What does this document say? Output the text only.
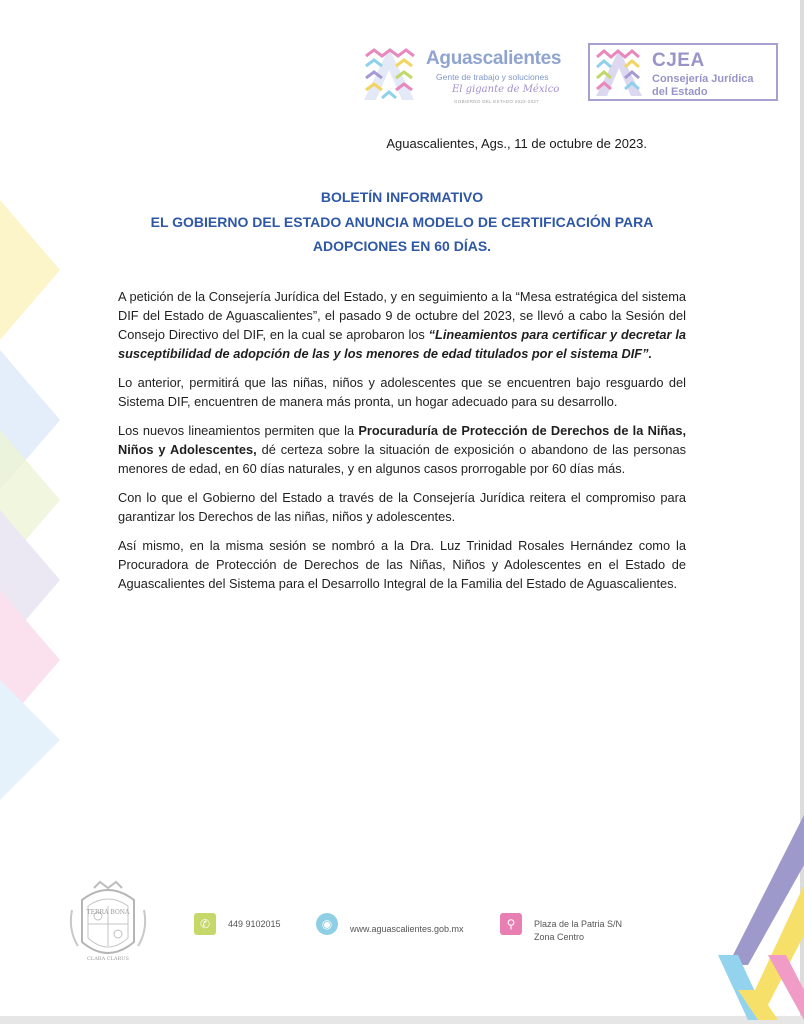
Aguascalientes
Gente de trabajo y soluciones
El gigante de México
GOBIERNO DEL ESTADO 2022-2027
CJEA
Consejería Jurídica
del Estado
Aguascalientes, Ags., 11 de octubre de 2023.
BOLETÍN INFORMATIVO
EL GOBIERNO DEL ESTADO ANUNCIA MODELO DE CERTIFICACIÓN PARA
ADOPCIONES EN 60 DÍAS.

A petición de la Consejería Jurídica del Estado, y en seguimiento a la “Mesa estratégica del sistema DIF del Estado de Aguascalientes”, el pasado 9 de octubre del 2023, se llevó a cabo la Sesión del Consejo Directivo del DIF, en la cual se aprobaron los “Lineamientos para certificar y decretar la susceptibilidad de adopción de las y los menores de edad titulados por el sistema DIF”.

Lo anterior, permitirá que las niñas, niños y adolescentes que se encuentren bajo resguardo del Sistema DIF, encuentren de manera más pronta, un hogar adecuado para su desarrollo.

Los nuevos lineamientos permiten que la Procuraduría de Protección de Derechos de la Niñas, Niños y Adolescentes, dé certeza sobre la situación de exposición o abandono de las personas menores de edad, en 60 días naturales, y en algunos casos prorrogable por 60 días más.

Con lo que el Gobierno del Estado a través de la Consejería Jurídica reitera el compromiso para garantizar los Derechos de las niñas, niños y adolescentes.

Así mismo, en la misma sesión se nombró a la Dra. Luz Trinidad Rosales Hernández como la Procuradora de Protección de Derechos de las Niñas, Niños y Adolescentes en el Estado de Aguascalientes del Sistema para el Desarrollo Integral de la Familia del Estado de Aguascalientes.

TERRA BONA
CLARA CLARUS
✆	449 9102015	◉	www.aguascalientes.gob.mx	⚲	Plaza de la Patria S/N
Zona Centro
